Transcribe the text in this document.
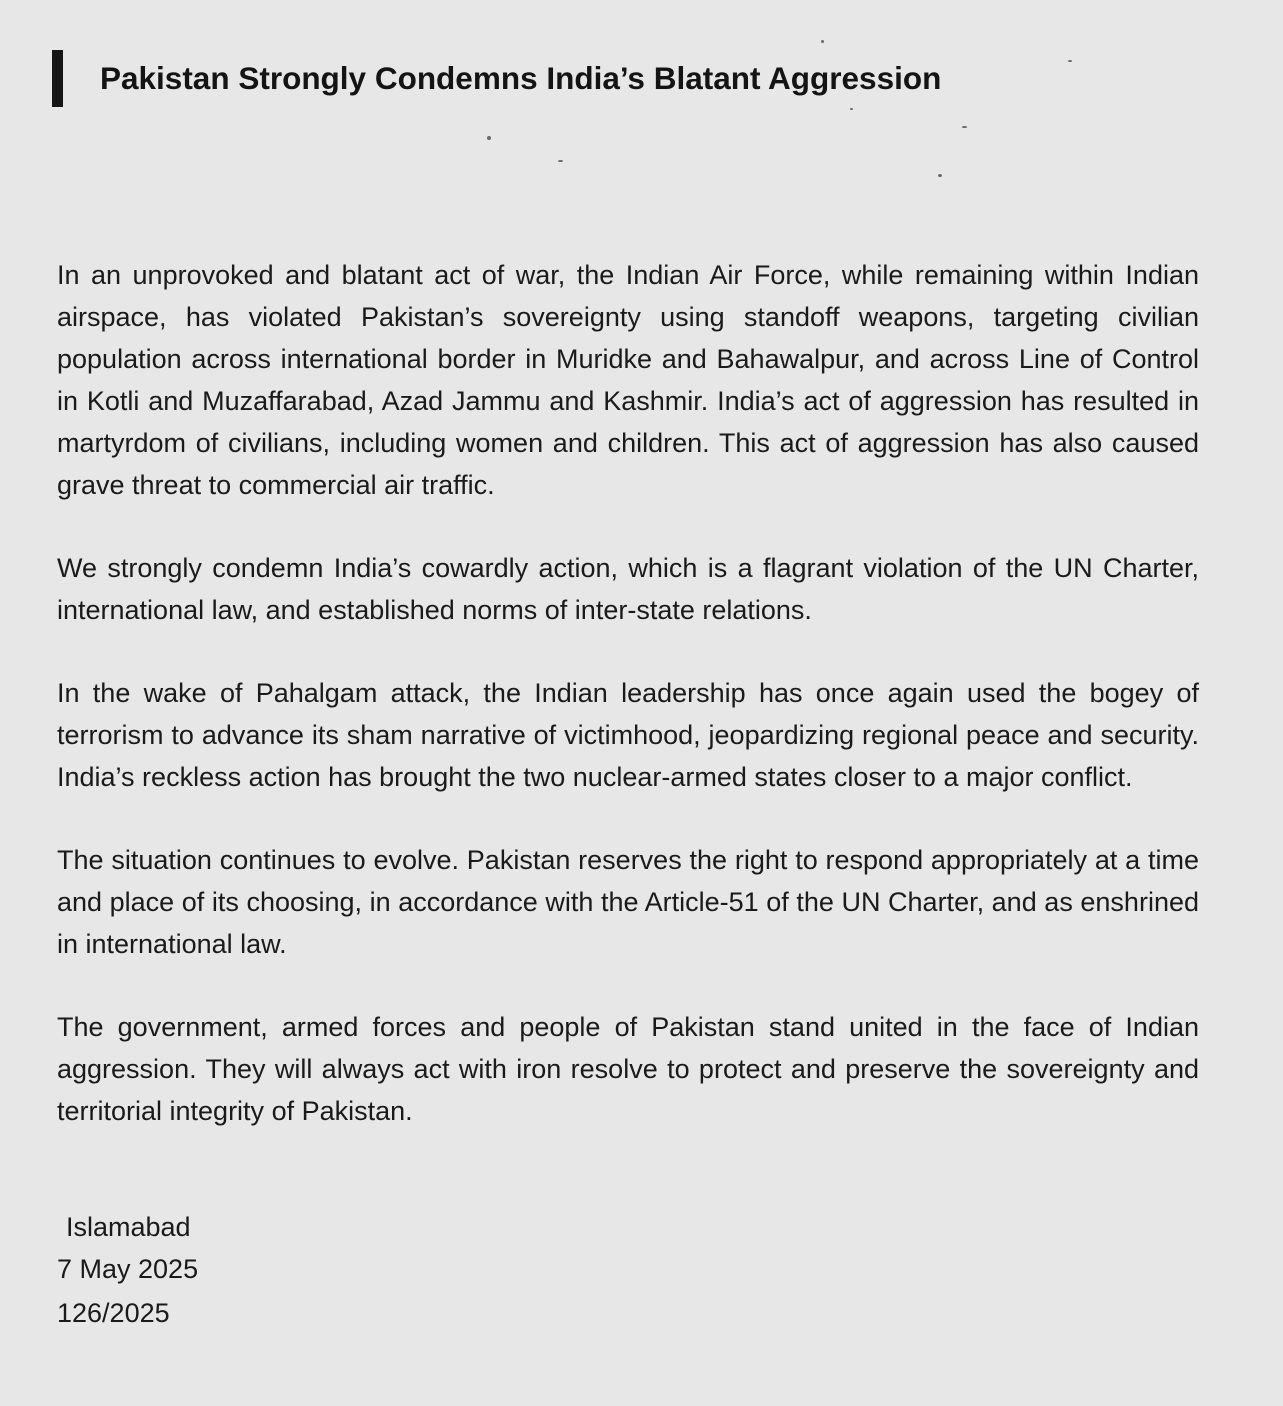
Pakistan Strongly Condemns India’s Blatant Aggression

In an unprovoked and blatant act of war, the Indian Air Force, while remaining within Indian airspace, has violated Pakistan’s sovereignty using standoff weapons, targeting civilian population across international border in Muridke and Bahawalpur, and across Line of Control in Kotli and Muzaffarabad, Azad Jammu and Kashmir. India’s act of aggression has resulted in martyrdom of civilians, including women and children. This act of aggression has also caused grave threat to commercial air traffic.

We strongly condemn India’s cowardly action, which is a flagrant violation of the UN Charter, international law, and established norms of inter-state relations.

In the wake of Pahalgam attack, the Indian leadership has once again used the bogey of terrorism to advance its sham narrative of victimhood, jeopardizing regional peace and security. India’s reckless action has brought the two nuclear-armed states closer to a major conflict.

The situation continues to evolve. Pakistan reserves the right to respond appropriately at a time and place of its choosing, in accordance with the Article-51 of the UN Charter, and as enshrined in international law.

The government, armed forces and people of Pakistan stand united in the face of Indian aggression. They will always act with iron resolve to protect and preserve the sovereignty and territorial integrity of Pakistan.

Islamabad
7 May 2025
126/2025
